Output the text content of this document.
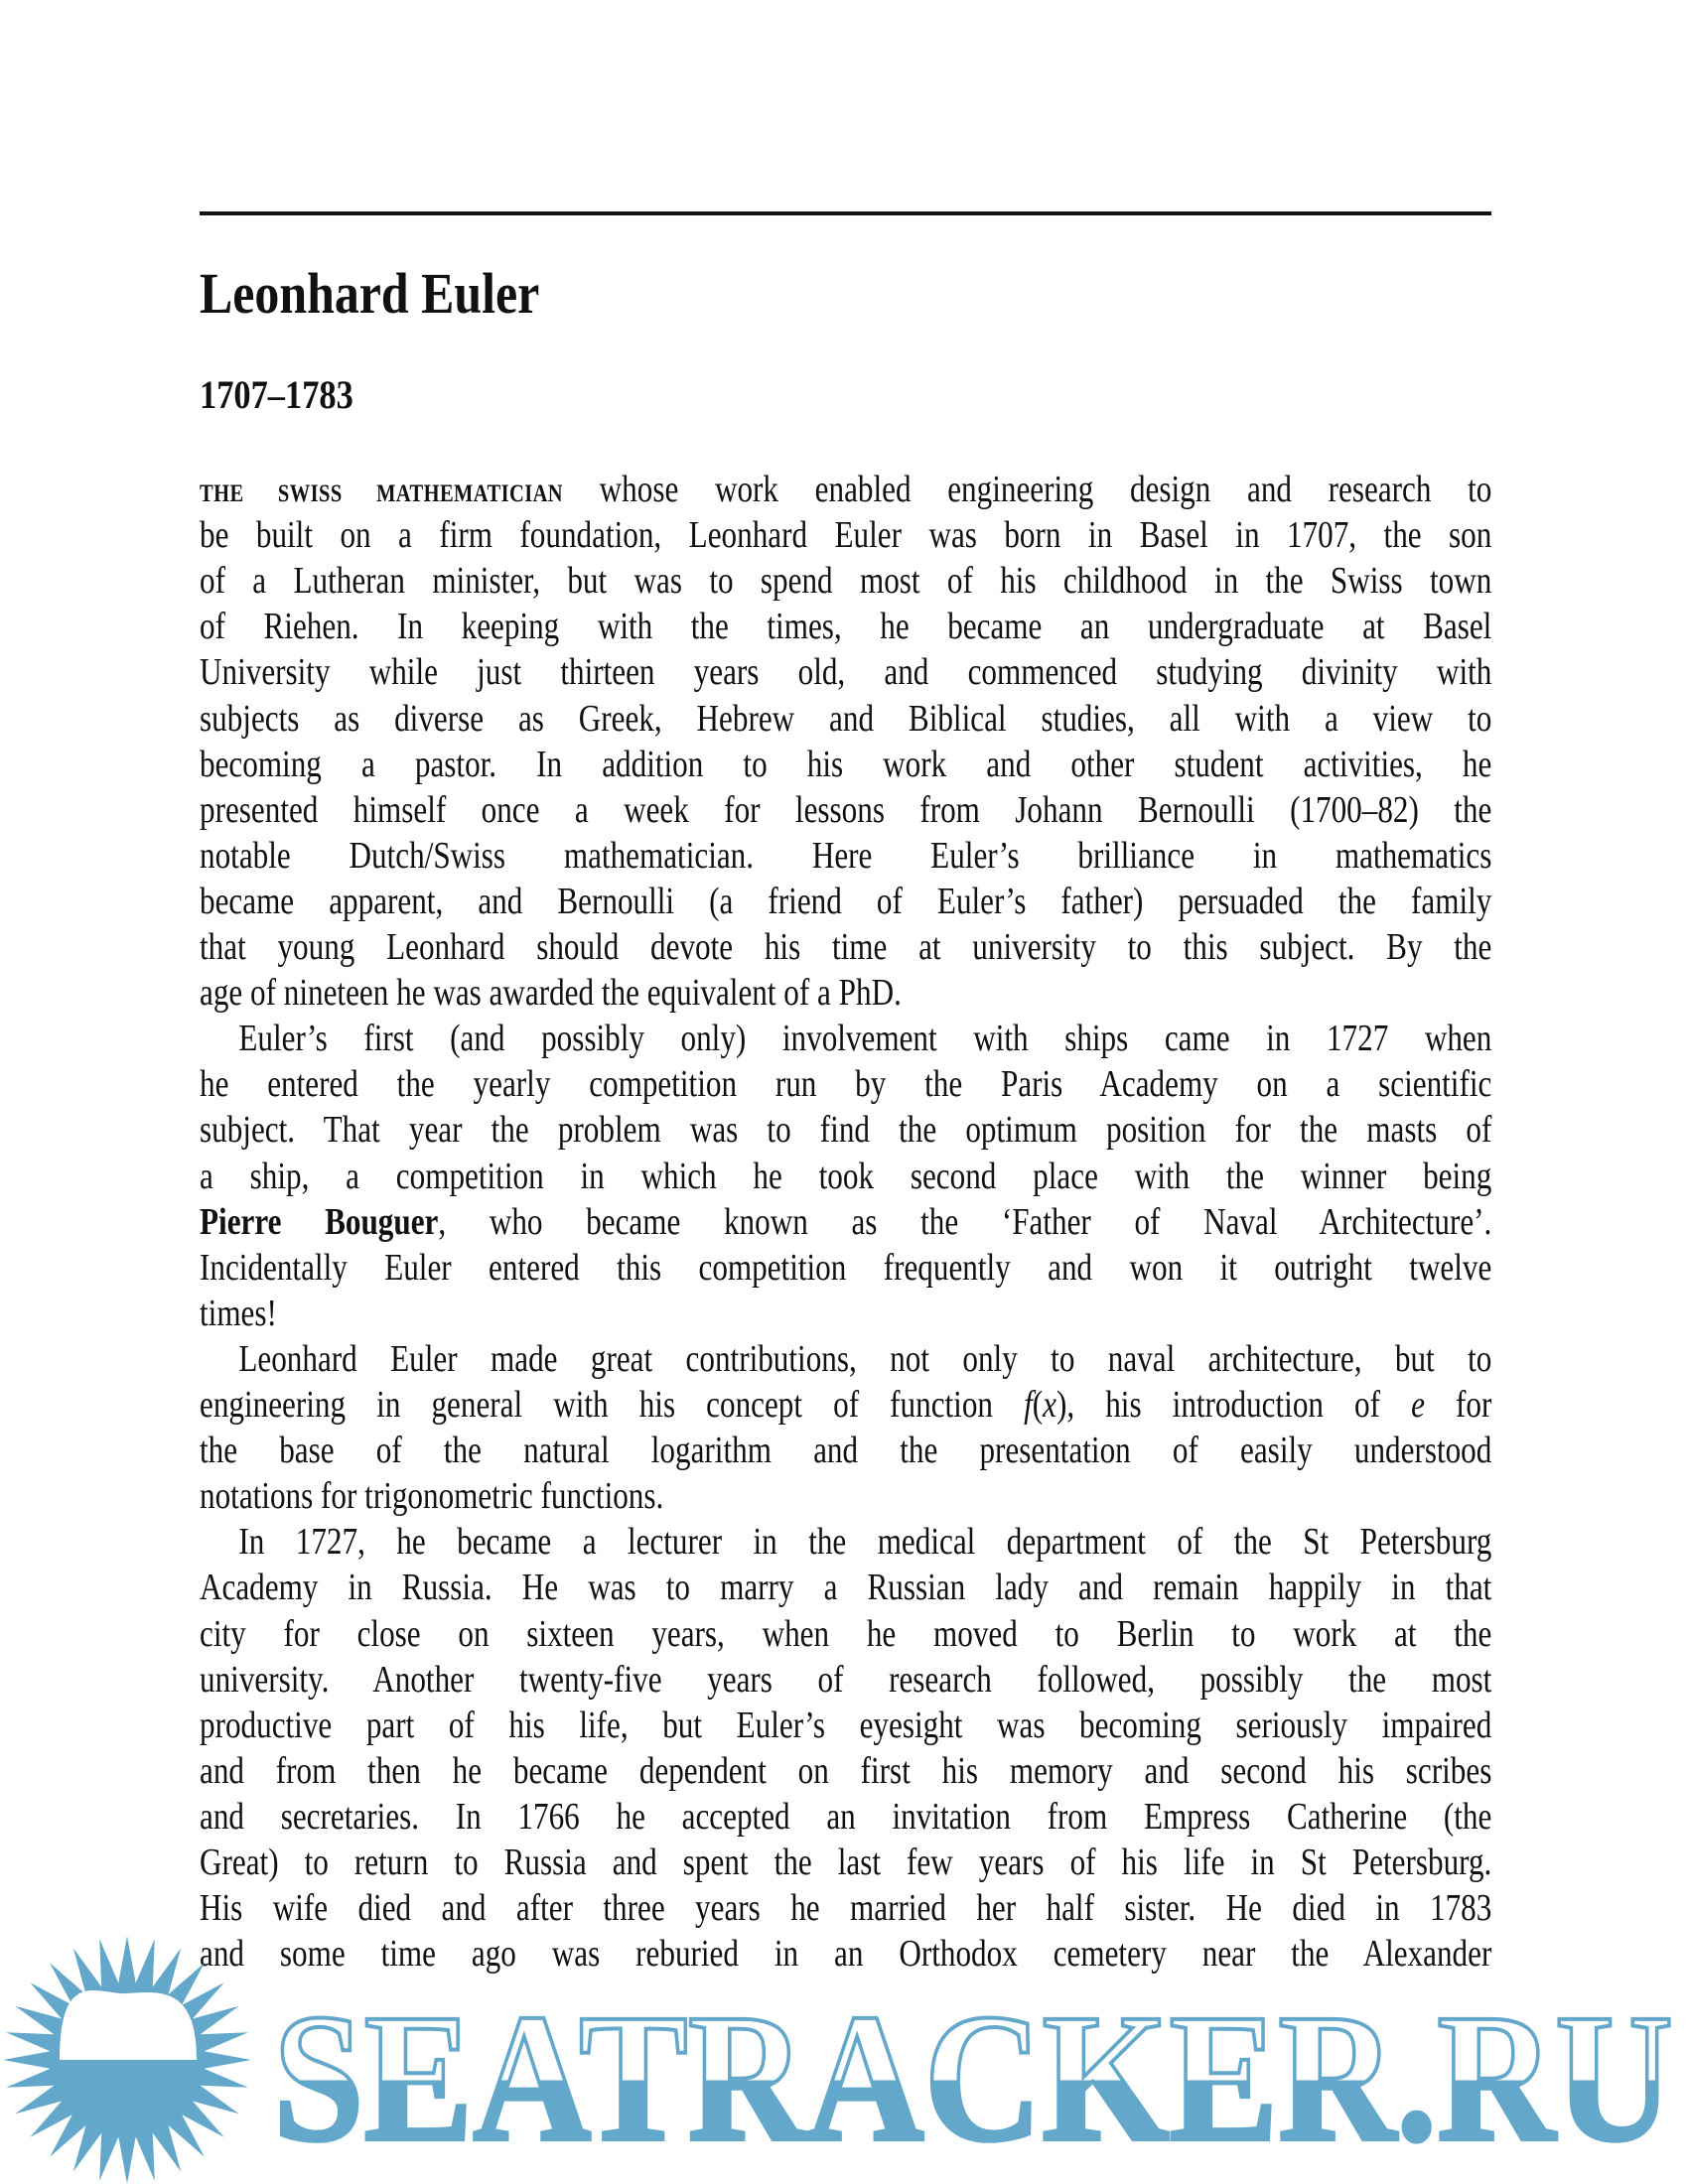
Leonhard Euler
1707–1783
THE SWISS MATHEMATICIAN whose work enabled engineering design and research to
be built on a firm foundation, Leonhard Euler was born in Basel in 1707, the son
of a Lutheran minister, but was to spend most of his childhood in the Swiss town
of Riehen. In keeping with the times, he became an undergraduate at Basel
University while just thirteen years old, and commenced studying divinity with
subjects as diverse as Greek, Hebrew and Biblical studies, all with a view to
becoming a pastor. In addition to his work and other student activities, he
presented himself once a week for lessons from Johann Bernoulli (1700–82) the
notable Dutch/Swiss mathematician. Here Euler’s brilliance in mathematics
became apparent, and Bernoulli (a friend of Euler’s father) persuaded the family
that young Leonhard should devote his time at university to this subject. By the
age of nineteen he was awarded the equivalent of a PhD.
Euler’s first (and possibly only) involvement with ships came in 1727 when
he entered the yearly competition run by the Paris Academy on a scientific
subject. That year the problem was to find the optimum position for the masts of
a ship, a competition in which he took second place with the winner being
Pierre Bouguer, who became known as the ‘Father of Naval Architecture’.
Incidentally Euler entered this competition frequently and won it outright twelve
times!
Leonhard Euler made great contributions, not only to naval architecture, but to
engineering in general with his concept of function f(x), his introduction of e for
the base of the natural logarithm and the presentation of easily understood
notations for trigonometric functions.
In 1727, he became a lecturer in the medical department of the St Petersburg
Academy in Russia. He was to marry a Russian lady and remain happily in that
city for close on sixteen years, when he moved to Berlin to work at the
university. Another twenty-five years of research followed, possibly the most
productive part of his life, but Euler’s eyesight was becoming seriously impaired
and from then he became dependent on first his memory and second his scribes
and secretaries. In 1766 he accepted an invitation from Empress Catherine (the
Great) to return to Russia and spent the last few years of his life in St Petersburg.
His wife died and after three years he married her half sister. He died in 1783
and some time ago was reburied in an Orthodox cemetery near the Alexander
SEATRACKER.RU
